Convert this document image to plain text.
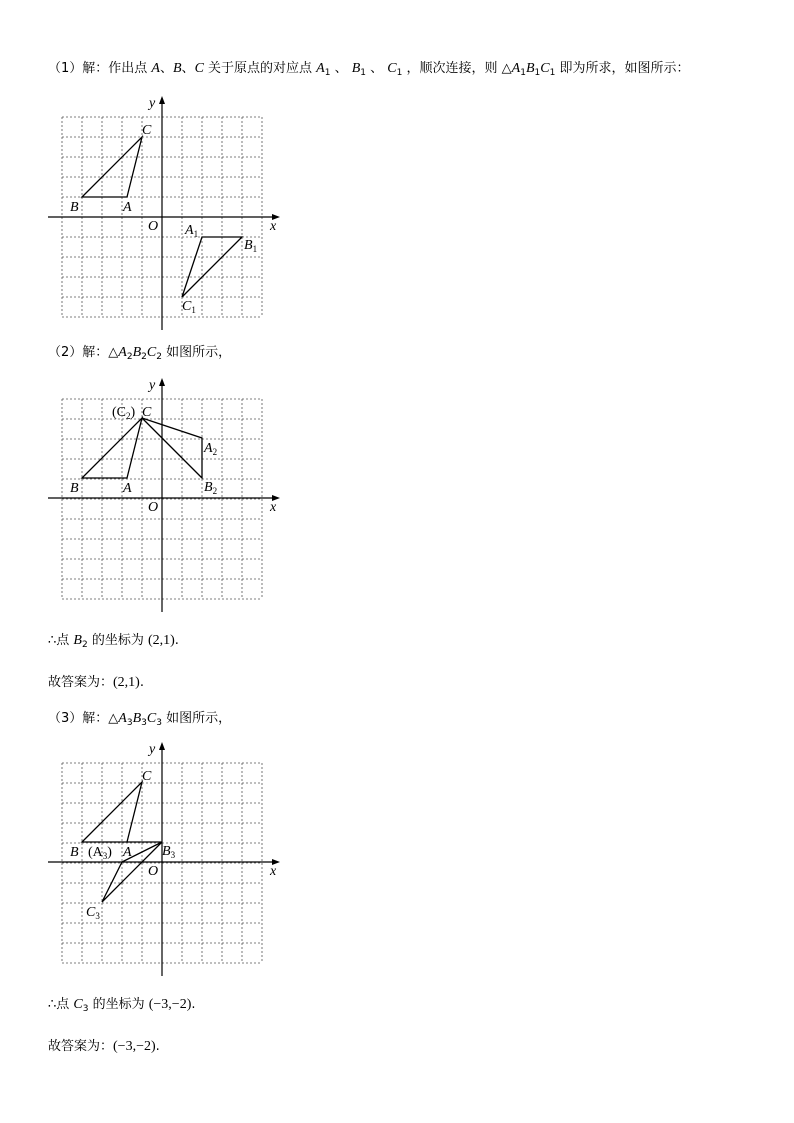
（1）解：作出点 A、B、C 关于原点的对应点 $A_1$ 、 $B_1$ 、 $C_1$ ，顺次连接，则 $\triangle A_1B_1C_1$ 即为所求，如图所示：
y
x
O
C
B	A
$A_1$
$B_1$
$C_1$
（2）解：$\triangle A_2B_2C_2$ 如图所示，
y
x
O
$(C_2)$ C
$A_2$
B	A	$B_2$
∴点 $B_2$ 的坐标为 (2,1).
故答案为：(2,1).
（3）解：$\triangle A_3B_3C_3$ 如图所示，
y
x
O
C
B $(A_3)$ A $B_3$
$C_3$
∴点 $C_3$ 的坐标为 (−3,−2).
故答案为：(−3,−2).
